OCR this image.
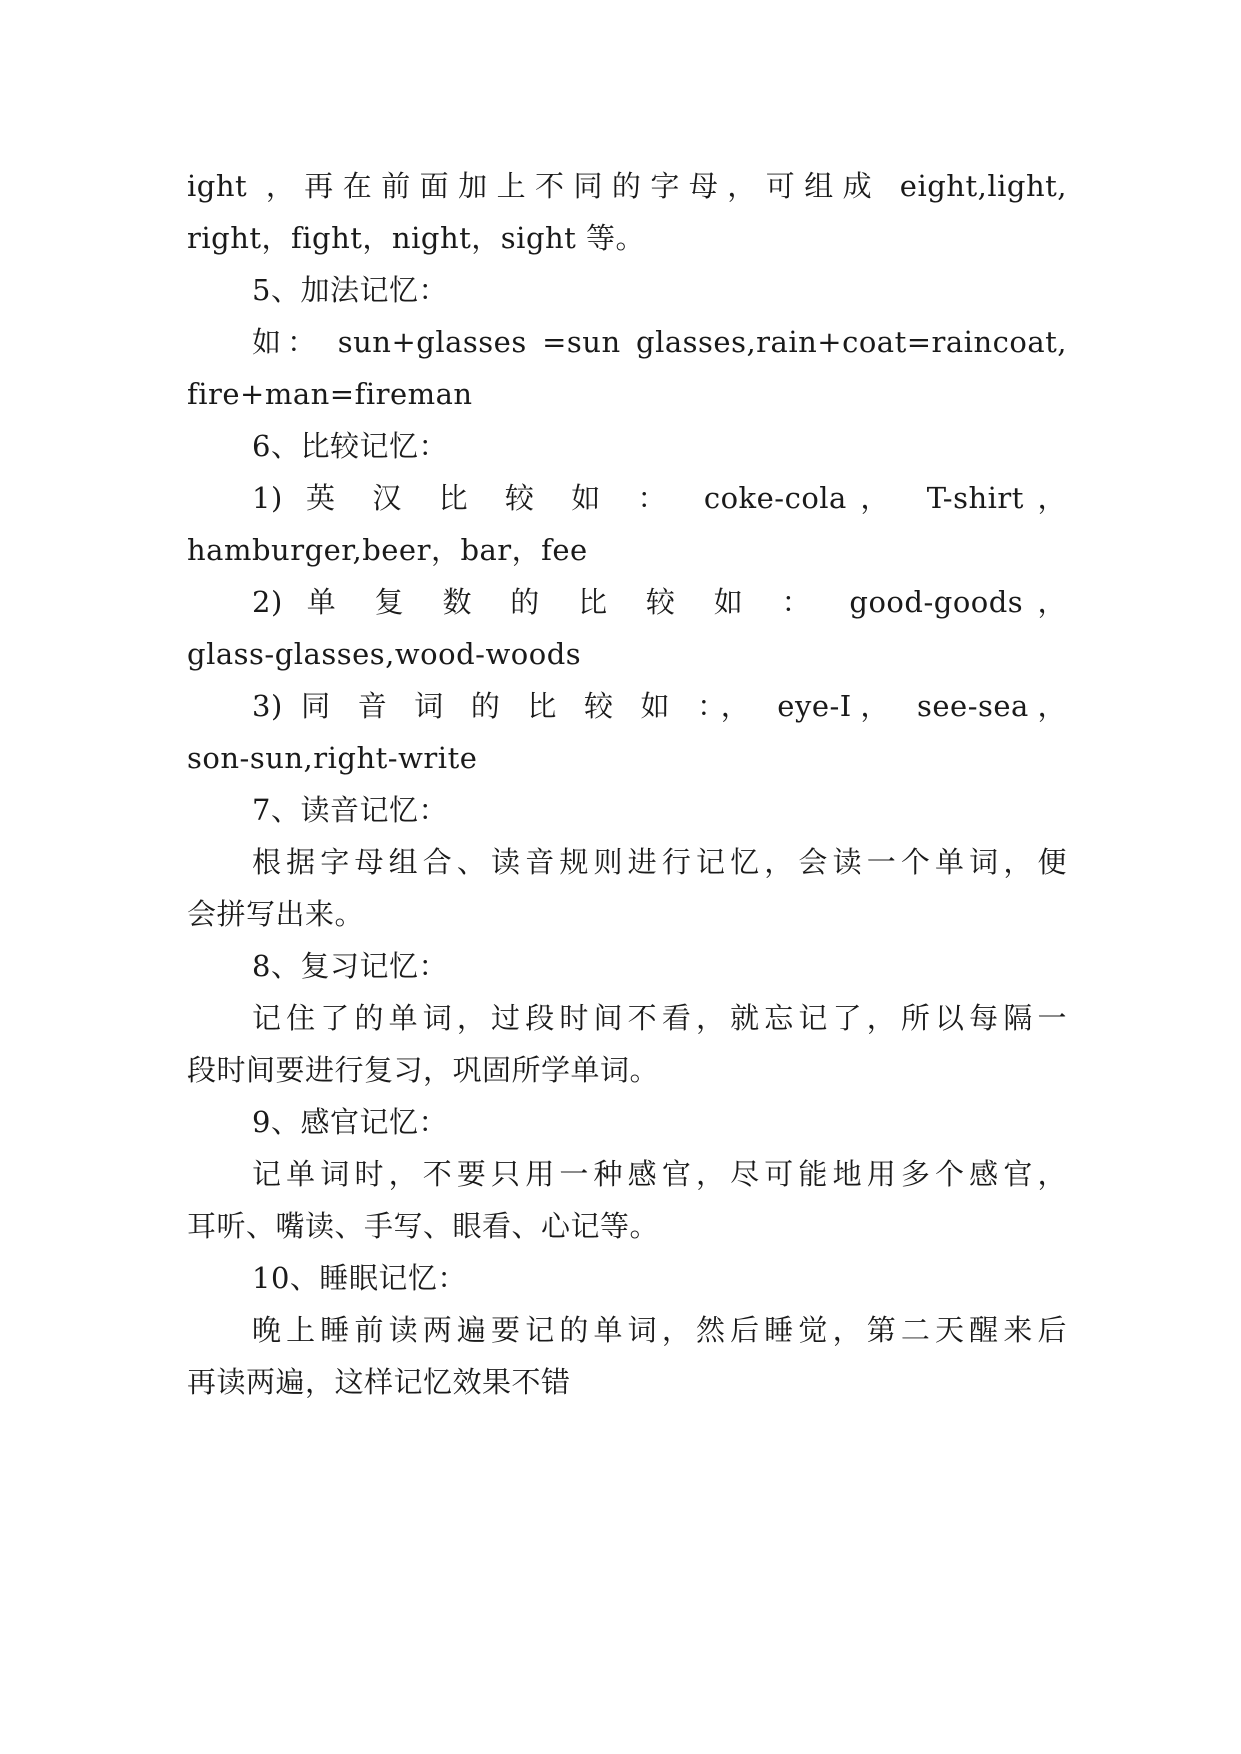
ight ，再在前面加上不同的字母，可组成 eight,light,
right，fight，night，sight 等。
5、加法记忆：
如： sun+glasses =sun glasses,rain+coat=raincoat,
fire+man=fireman
6、比较记忆：
1) 英 汉 比 较 如 ： coke-cola， T-shirt，
hamburger,beer，bar，fee
2) 单 复 数 的 比 较 如 ： good-goods，
glass-glasses,wood-woods
3) 同 音 词 的 比 较 如 ：， eye-I， see-sea，
son-sun,right-write
7、读音记忆：
根据字母组合、读音规则进行记忆，会读一个单词，便
会拼写出来。
8、复习记忆：
记住了的单词，过段时间不看，就忘记了，所以每隔一
段时间要进行复习，巩固所学单词。
9、感官记忆：
记单词时，不要只用一种感官，尽可能地用多个感官，
耳听、嘴读、手写、眼看、心记等。
10、睡眠记忆：
晚上睡前读两遍要记的单词，然后睡觉，第二天醒来后
再读两遍，这样记忆效果不错
